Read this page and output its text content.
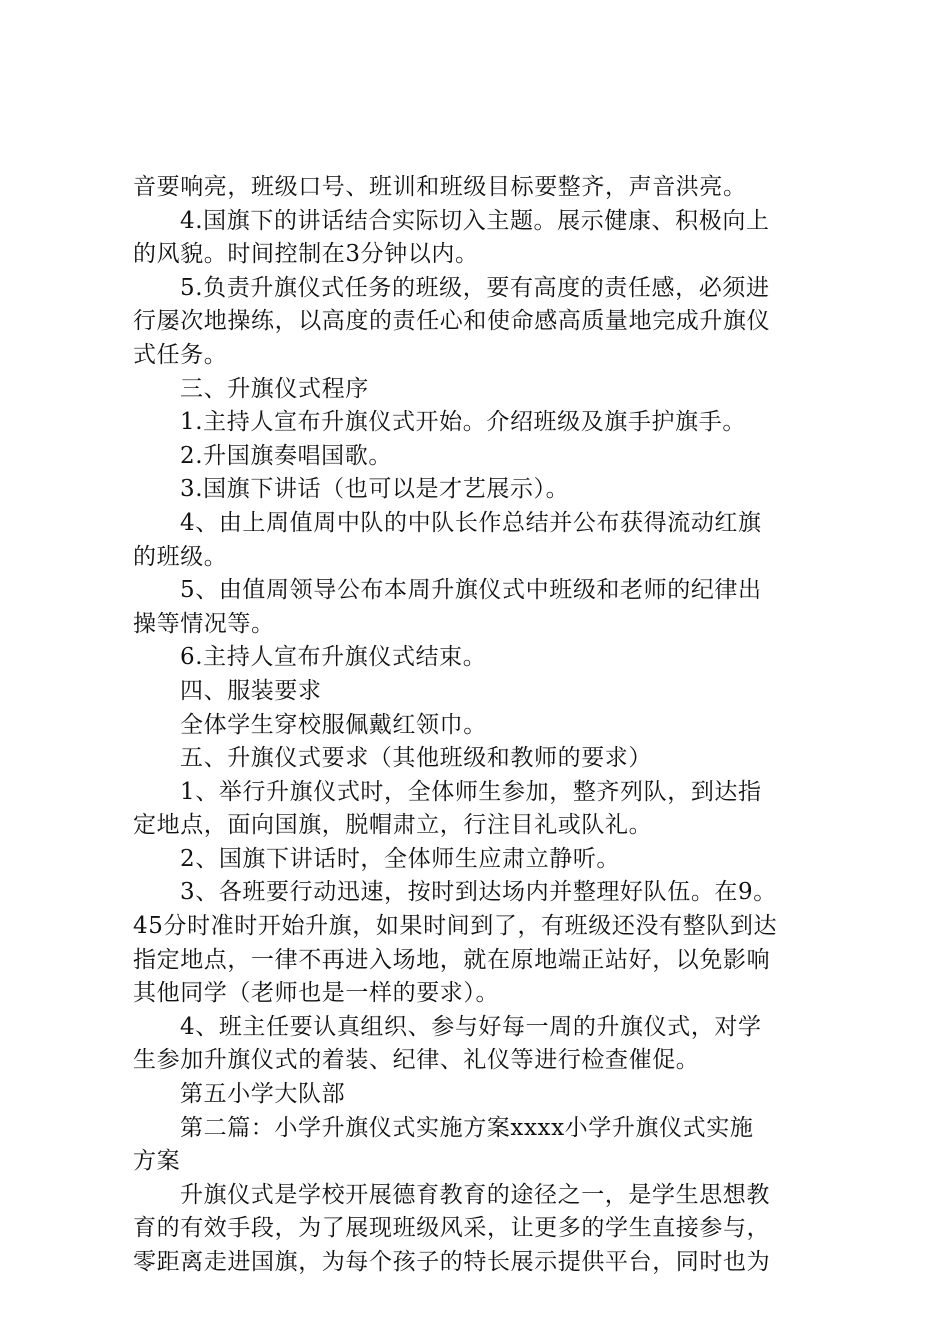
音要响亮，班级口号、班训和班级目标要整齐，声音洪亮。
4.国旗下的讲话结合实际切入主题。展示健康、积极向上
的风貌。时间控制在3分钟以内。
5.负责升旗仪式任务的班级，要有高度的责任感，必须进
行屡次地操练，以高度的责任心和使命感高质量地完成升旗仪
式任务。
三、升旗仪式程序
1.主持人宣布升旗仪式开始。介绍班级及旗手护旗手。
2.升国旗奏唱国歌。
3.国旗下讲话（也可以是才艺展示）。
4、由上周值周中队的中队长作总结并公布获得流动红旗
的班级。
5、由值周领导公布本周升旗仪式中班级和老师的纪律出
操等情况等。
6.主持人宣布升旗仪式结束。
四、服装要求
全体学生穿校服佩戴红领巾。
五、升旗仪式要求（其他班级和教师的要求）
1、举行升旗仪式时，全体师生参加，整齐列队，到达指
定地点，面向国旗，脱帽肃立，行注目礼或队礼。
2、国旗下讲话时，全体师生应肃立静听。
3、各班要行动迅速，按时到达场内并整理好队伍。在9。
45分时准时开始升旗，如果时间到了，有班级还没有整队到达
指定地点，一律不再进入场地，就在原地端正站好，以免影响
其他同学（老师也是一样的要求）。
4、班主任要认真组织、参与好每一周的升旗仪式，对学
生参加升旗仪式的着装、纪律、礼仪等进行检查催促。
第五小学大队部
第二篇：小学升旗仪式实施方案xxxx小学升旗仪式实施
方案
升旗仪式是学校开展德育教育的途径之一，是学生思想教
育的有效手段，为了展现班级风采，让更多的学生直接参与，
零距离走进国旗，为每个孩子的特长展示提供平台，同时也为
